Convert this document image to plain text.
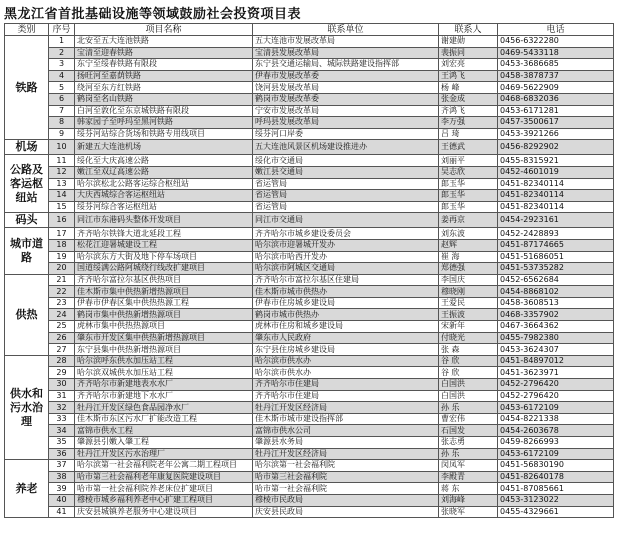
黑龙江省首批基础设施等领域鼓励社会投资项目表
类别	序号	项目名称	联系单位	联系人	电话
铁路	1	北安至五大连池铁路	五大连池市发展改革局	谢建勋	0456-6322280
	2	宝清至迎春铁路	宝清县发展改革局	裴振同	0469-5433118
	3	东宁至绥春铁路有限段	东宁县交通运输局、城际铁路建设指挥部	刘宏亮	0453-3686685
	4	扬旺河至嘉荫铁路	伊春市发展改革委	王鸿飞	0458-3878737
	5	绕河至东方红铁路	饶河县发展改革局	杨 峰	0469-5622909
	6	鹤岗至名山铁路	鹤岗市发展改革委	张金成	0468-6832036
	7	白河至敦化至东京城铁路有限段	宁安市发展改革局	齐鸿飞	0453-6171281
	8	韩家园子至呼玛至黑河铁路	呼玛县发展改革局	李万强	0457-3500617
	9	绥芬河站综合货场和铁路专用线项目	绥芬河口岸委	吕 琦	0453-3921266
机场	10	新建五大连池机场	五大连池风景区机场建设推进办	王德武	0456-8292902
公路及客运枢纽站	11	绥化至大庆高速公路	绥化市交通局	刘丽平	0455-8315921
	12	嫩江至双辽高速公路	嫩江县交通局	吴志欣	0452-4601019
	13	哈尔滨松北公路客运综合枢纽站	省运管局	郎玉华	0451-82340114
	14	大庆西城综合客运枢纽站	省运管局	郎玉华	0451-82340114
	15	绥芬河综合客运枢纽站	省运管局	郎玉华	0451-82340114
码头	16	同江市东港码头整体开发项目	同江市交通局	姜再京	0454-2923161
城市道路	17	齐齐哈尔铁锋大道北延段工程	齐齐哈尔市城乡建设委员会	刘东波	0452-2428893
	18	松花江迎暑城建设工程	哈尔滨市迎暑城开发办	赵辉	0451-87174665
	19	哈尔滨东方大街及地下停车场项目	哈尔滨市哈西开发办	崔 海	0451-51686051
	20	国道绥满公路阿城绕行线改扩建项目	哈尔滨市阿城区交通局	郑德强	0451-53735282
供热	21	齐齐哈尔富拉尔基区供热项目	齐齐哈尔市富拉尔基区住建局	李国庆	0452-6562684
	22	佳木斯市集中供热新增热源项目	佳木斯市城市供热办	穆晓刚	0454-8868102
	23	伊春市伊春区集中供热热源工程	伊春市住房城乡建设局	王爱民	0458-3608513
	24	鹤岗市集中供热新增热源项目	鹤岗市城市供热办	王振波	0468-3357902
	25	虎林市集中供热热源项目	虎林市住房和城乡建设局	宋新年	0467-3664362
	26	肇东市开发区集中供热新增热源项目	肇东市人民政府	付晓光	0455-7982380
	27	东宁县集中供热新增热源项目	东宁县住房城乡建设局	张 森	0453-3624307
供水和污水治理	28	哈尔滨呼东供水加压站工程	哈尔滨市供水办	谷 欣	0451-84897012
	29	哈尔滨双城供水加压站工程	哈尔滨市供水办	谷 欣	0451-3623971
	30	齐齐哈尔市新建地表水水厂	齐齐哈尔市住建局	白国洪	0452-2796420
	31	齐齐哈尔市新建地下水水厂	齐齐哈尔市住建局	白国洪	0452-2796420
	32	牡丹江开发区绿色食品园净水厂	牡丹江开发区经济局	孙 乐	0453-6172109
	33	佳木斯市东区污水厂扩能改造工程	佳木斯市城市建设指挥部	曹宏伟	0454-8221338
	34	富锦市供水工程	富锦市供水公司	石国发	0454-2603678
	35	肇源县引嫩入肇工程	肇源县水务局	张志勇	0459-8266993
	36	牡丹江开发区污水治理厂	牡丹江开发区经济局	孙 乐	0453-6172109
养老	37	哈尔滨第一社会福利院老年公寓二期工程项目	哈尔滨第一社会福利院	闵凤军	0451-56830190
	38	哈市第三社会福利老年康复医院建设项目	哈市第三社会福利院	李殿青	0451-82640178
	39	哈市第一社会福利院养老床位扩建项目	哈市第一社会福利院	蒋 东	0451-87085661
	40	穆棱市城乡福利养老中心扩建工程项目	穆棱市民政局	刘海峰	0453-3123022
	41	庆安县城镇养老服务中心建设项目	庆安县民政局	张晓军	0455-4329661
